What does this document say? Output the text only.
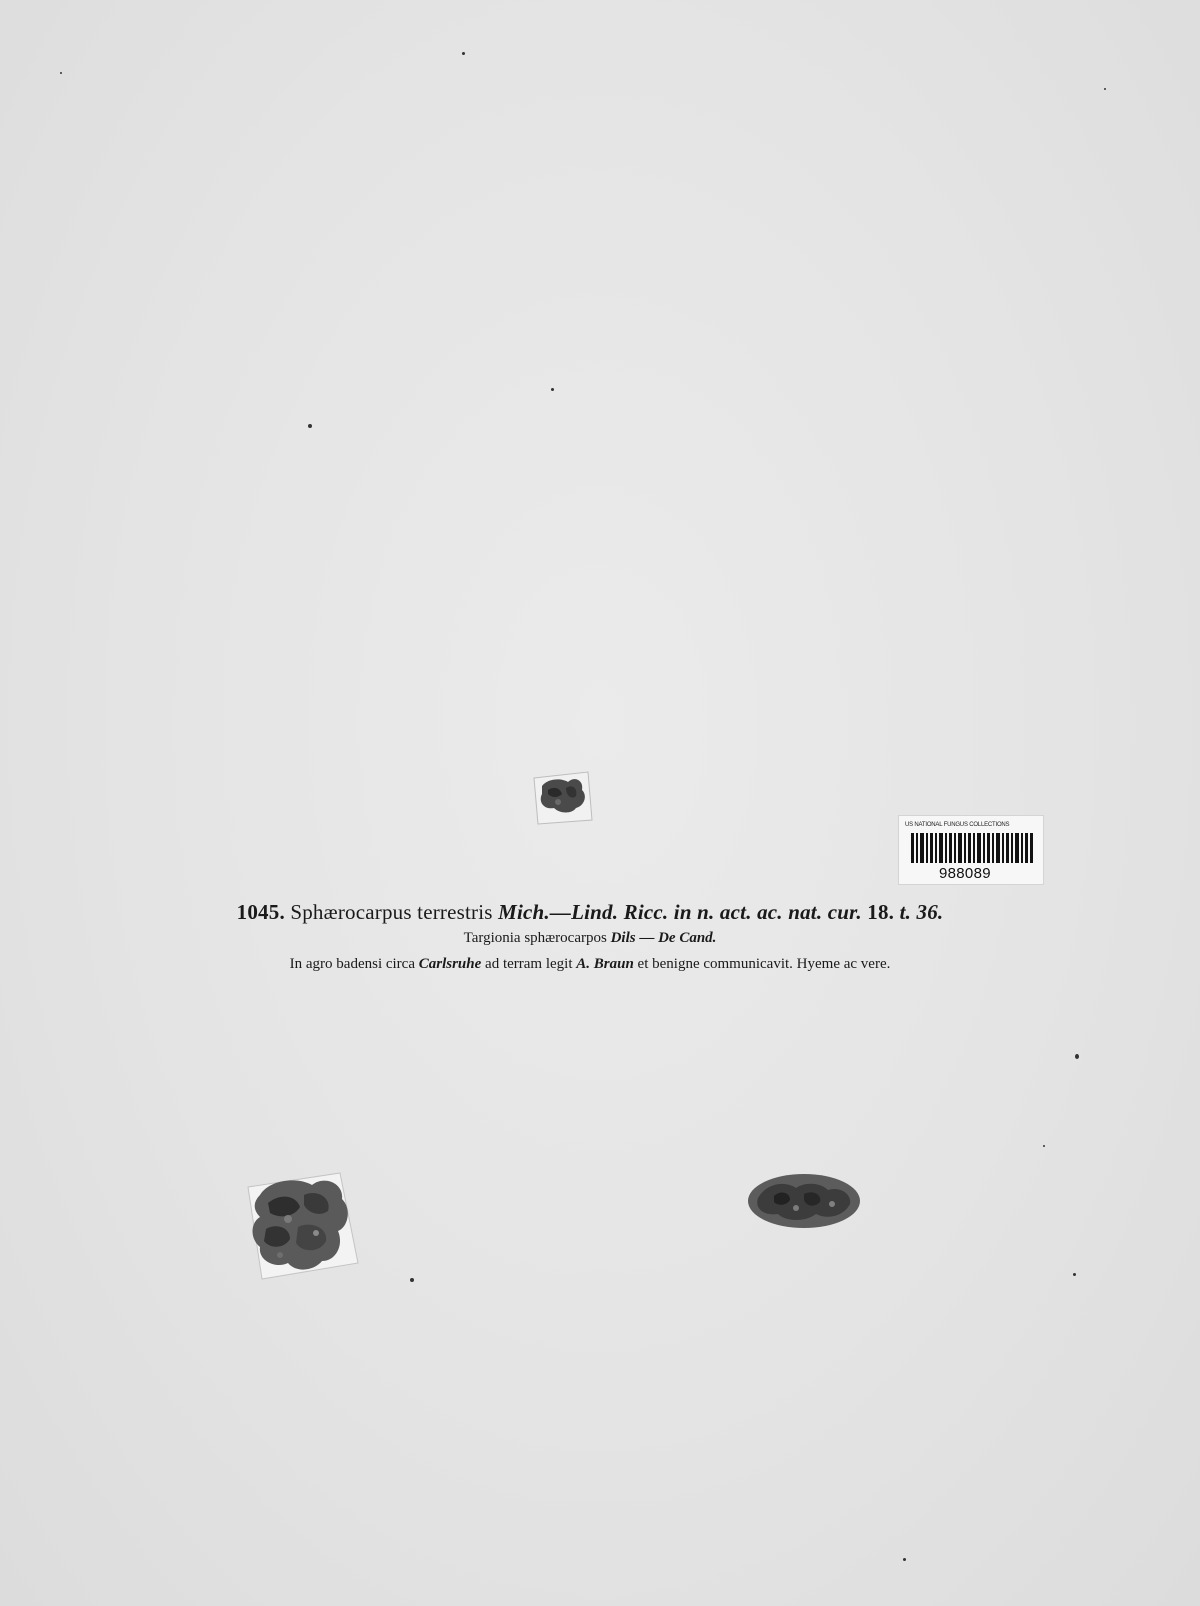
US NATIONAL FUNGUS COLLECTIONS
988089
1045. Sphærocarpus terrestris Mich.—Lind. Ricc. in n. act. ac. nat. cur. 18. t. 36.
Targionia sphærocarpos Dils — De Cand.
In agro badensi circa Carlsruhe ad terram legit A. Braun et benigne communicavit. Hyeme ac vere.
